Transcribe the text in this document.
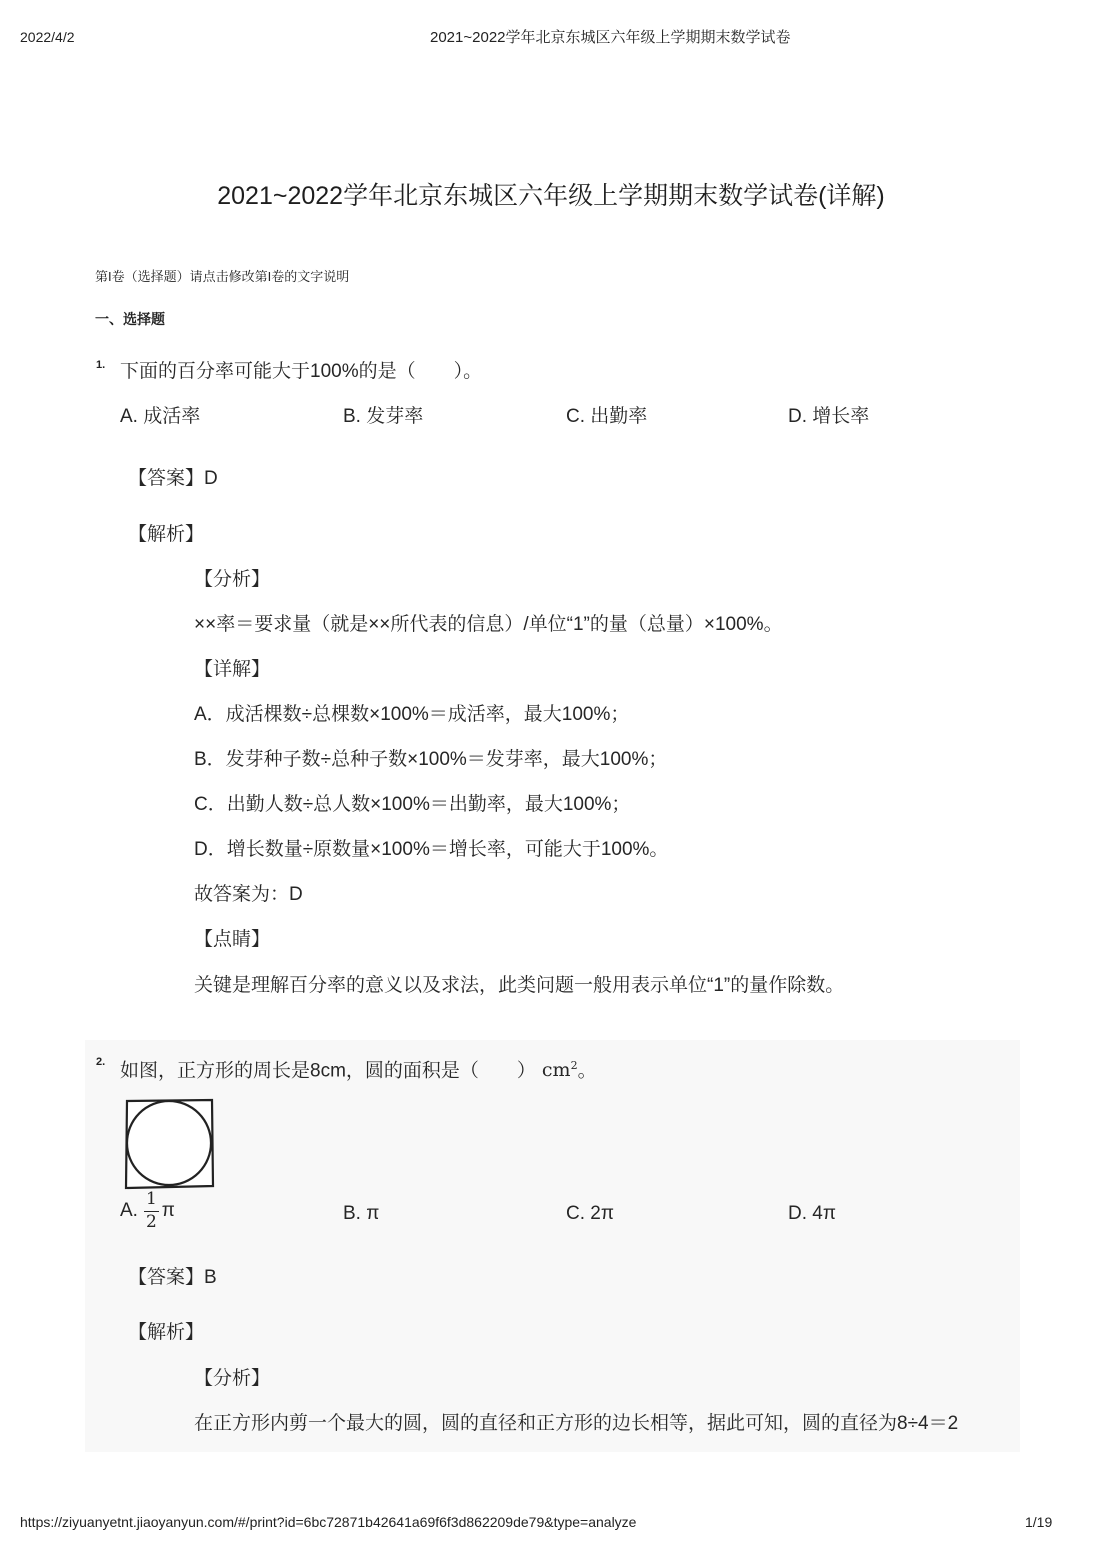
2022/4/2	2021~2022学年北京东城区六年级上学期期末数学试卷
2021~2022学年北京东城区六年级上学期期末数学试卷(详解)
第I卷（选择题）请点击修改第I卷的文字说明
一、选择题
1. 下面的百分率可能大于100%的是（　　）。
A. 成活率	B. 发芽率	C. 出勤率	D. 增长率
【答案】D
【解析】
【分析】
××率＝要求量（就是××所代表的信息）/单位“1”的量（总量）×100%。
【详解】
A．成活棵数÷总棵数×100%＝成活率，最大100%；
B．发芽种子数÷总种子数×100%＝发芽率，最大100%；
C．出勤人数÷总人数×100%＝出勤率，最大100%；
D．增长数量÷原数量×100%＝增长率，可能大于100%。
故答案为：D
【点睛】
关键是理解百分率的意义以及求法，此类问题一般用表示单位“1”的量作除数。
2. 如图，正方形的周长是8cm，圆的面积是（　　） $cm^2$。
A. $\frac{1}{2}$ π	B. π	C. 2π	D. 4π
【答案】B
【解析】
【分析】
在正方形内剪一个最大的圆，圆的直径和正方形的边长相等，据此可知，圆的直径为8÷4＝2
https://ziyuanyetnt.jiaoyanyun.com/#/print?id=6bc72871b42641a69f6f3d862209de79&type=analyze	1/19
